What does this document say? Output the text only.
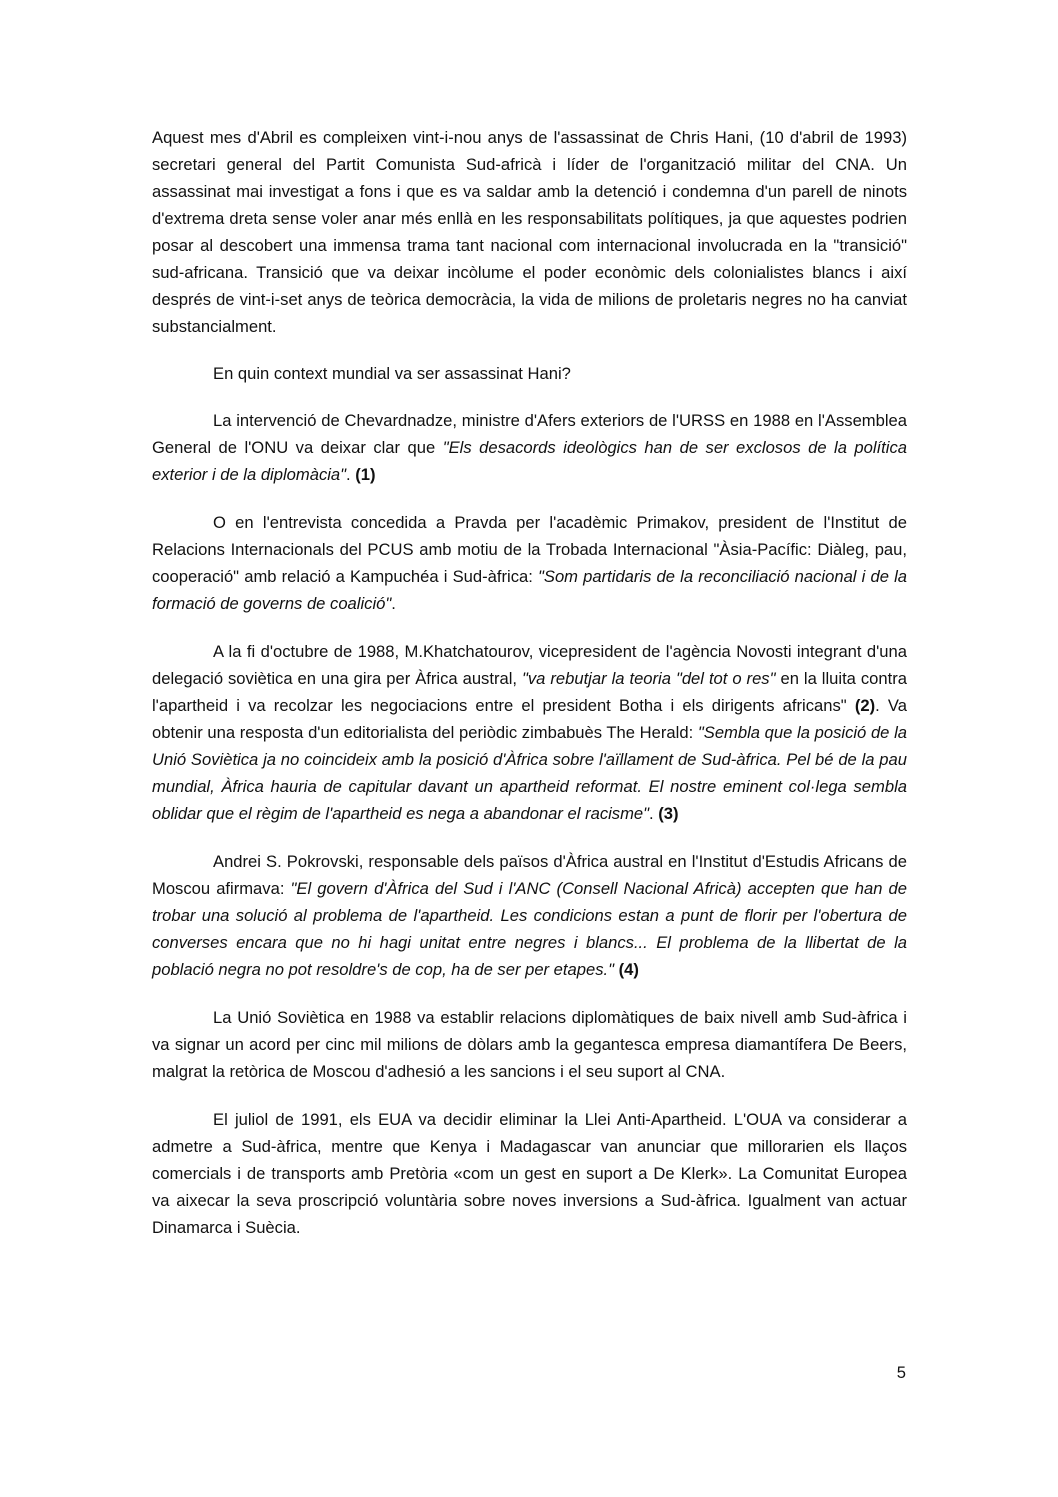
Aquest mes d'Abril es compleixen vint-i-nou anys de l'assassinat de Chris Hani, (10 d'abril de 1993) secretari general del Partit Comunista Sud-africà i líder de l'organització militar del CNA. Un assassinat mai investigat a fons i que es va saldar amb la detenció i condemna d'un parell de ninots d'extrema dreta sense voler anar més enllà en les responsabilitats polítiques, ja que aquestes podrien posar al descobert una immensa trama tant nacional com internacional involucrada en la "transició" sud-africana. Transició que va deixar incòlume el poder econòmic dels colonialistes blancs i així després de vint-i-set anys de teòrica democràcia, la vida de milions de proletaris negres no ha canviat substancialment.

En quin context mundial va ser assassinat Hani?

La intervenció de Chevardnadze, ministre d'Afers exteriors de l'URSS en 1988 en l'Assemblea General de l'ONU va deixar clar que "Els desacords ideològics han de ser exclosos de la política exterior i de la diplomàcia". (1)

O en l'entrevista concedida a Pravda per l'acadèmic Primakov, president de l'Institut de Relacions Internacionals del PCUS amb motiu de la Trobada Internacional "Àsia-Pacífic: Diàleg, pau, cooperació" amb relació a Kampuchéa i Sud-àfrica: "Som partidaris de la reconciliació nacional i de la formació de governs de coalició".

A la fi d'octubre de 1988, M.Khatchatourov, vicepresident de l'agència Novosti integrant d'una delegació soviètica en una gira per Àfrica austral, "va rebutjar la teoria "del tot o res" en la lluita contra l'apartheid i va recolzar les negociacions entre el president Botha i els dirigents africans" (2). Va obtenir una resposta d'un editorialista del periòdic zimbabuès The Herald: "Sembla que la posició de la Unió Soviètica ja no coincideix amb la posició d'Àfrica sobre l'aïllament de Sud-àfrica. Pel bé de la pau mundial, Àfrica hauria de capitular davant un apartheid reformat. El nostre eminent col·lega sembla oblidar que el règim de l'apartheid es nega a abandonar el racisme". (3)

Andrei S. Pokrovski, responsable dels països d'Àfrica austral en l'Institut d'Estudis Africans de Moscou afirmava: "El govern d'Àfrica del Sud i l'ANC (Consell Nacional Africà) accepten que han de trobar una solució al problema de l'apartheid. Les condicions estan a punt de florir per l'obertura de converses encara que no hi hagi unitat entre negres i blancs... El problema de la llibertat de la població negra no pot resoldre's de cop, ha de ser per etapes." (4)

La Unió Soviètica en 1988 va establir relacions diplomàtiques de baix nivell amb Sud-àfrica i va signar un acord per cinc mil milions de dòlars amb la gegantesca empresa diamantífera De Beers, malgrat la retòrica de Moscou d'adhesió a les sancions i el seu suport al CNA.

El juliol de 1991, els EUA va decidir eliminar la Llei Anti-Apartheid. L'OUA va considerar a admetre a Sud-àfrica, mentre que Kenya i Madagascar van anunciar que millorarien els llaços comercials i de transports amb Pretòria «com un gest en suport a De Klerk». La Comunitat Europea va aixecar la seva proscripció voluntària sobre noves inversions a Sud-àfrica. Igualment van actuar Dinamarca i Suècia.

5
